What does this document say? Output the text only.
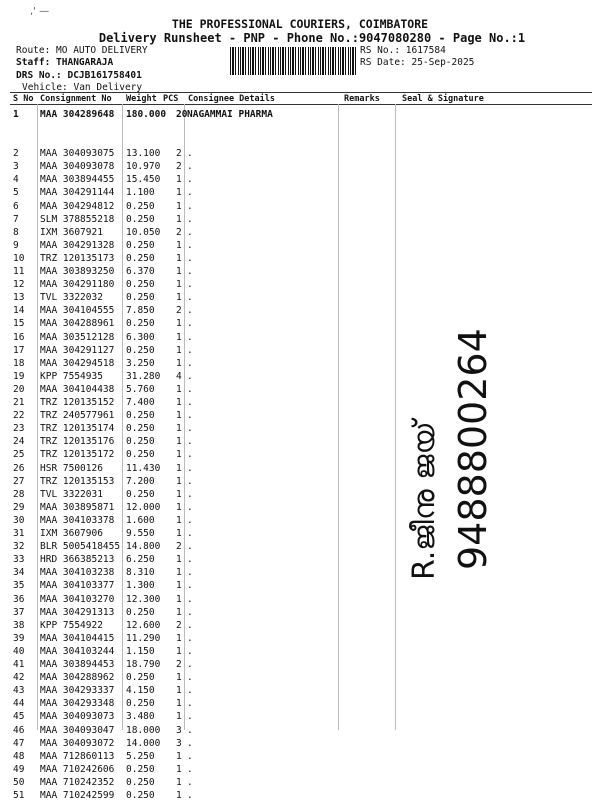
,' —
THE PROFESSIONAL COURIERS, COIMBATORE
Delivery Runsheet - PNP - Phone No.:9047080280 - Page No.:1
Route: MO AUTO DELIVERY
Staff: THANGARAJA
DRS No.: DCJB161758401
Vehicle: Van Delivery
RS No.: 1617584
RS Date: 25-Sep-2025
S No Consignment No Weight PCS Consignee Details	Remarks	Seal & Signature
1 MAA 304289648 180.000 20 NAGAMMAI PHARMA
2 MAA 304093075 13.100 2 .
3 MAA 304093078 10.970 2 .
4 MAA 303894455 15.450 1 .
5 MAA 304291144 1.100 1 .
6 MAA 304294812 0.250 1 .
7 SLM 378855218 0.250 1 .
8 IXM 3607921 10.050 2 .
9 MAA 304291328 0.250 1 .
10 TRZ 120135173 0.250 1 .
11 MAA 303893250 6.370 1 .
12 MAA 304291180 0.250 1 .
13 TVL 3322032 0.250 1 .
14 MAA 304104555 7.850 2 .
15 MAA 304288961 0.250 1 .
16 MAA 303512128 6.300 1 .
17 MAA 304291127 0.250 1 .
18 MAA 304294518 3.250 1 .
19 KPP 7554935 31.280 4 .
20 MAA 304104438 5.760 1 .
21 TRZ 120135152 7.400 1 .
22 TRZ 240577961 0.250 1 .
23 TRZ 120135174 0.250 1 .
24 TRZ 120135176 0.250 1 .
25 TRZ 120135172 0.250 1 .
26 HSR 7500126 11.430 1 .
27 TRZ 120135153 7.200 1 .
28 TVL 3322031 0.250 1 .
29 MAA 303895871 12.000 1 .
30 MAA 304103378 1.600 1 .
31 IXM 3607906 9.550 1 .
32 BLR 5005418455 14.800 2 .
33 HRD 366385213 6.250 1 .
34 MAA 304103238 8.310 1 .
35 MAA 304103377 1.300 1 .
36 MAA 304103270 12.300 1 .
37 MAA 304291313 0.250 1 .
38 KPP 7554922 12.600 2 .
39 MAA 304104415 11.290 1 .
40 MAA 304103244 1.150 1 .
41 MAA 303894453 18.790 2 .
42 MAA 304288962 0.250 1 .
43 MAA 304293337 4.150 1 .
44 MAA 304293348 0.250 1 .
45 MAA 304093073 3.480 1 .
46 MAA 304093047 18.000 3 .
47 MAA 304093072 14.000 3 .
48 MAA 712860113 5.250 1 .
49 MAA 710242606 0.250 1 .
50 MAA 710242352 0.250 1 .
51 MAA 710242599 0.250 1 .
R.ജീനു ജയ് 9488800264
